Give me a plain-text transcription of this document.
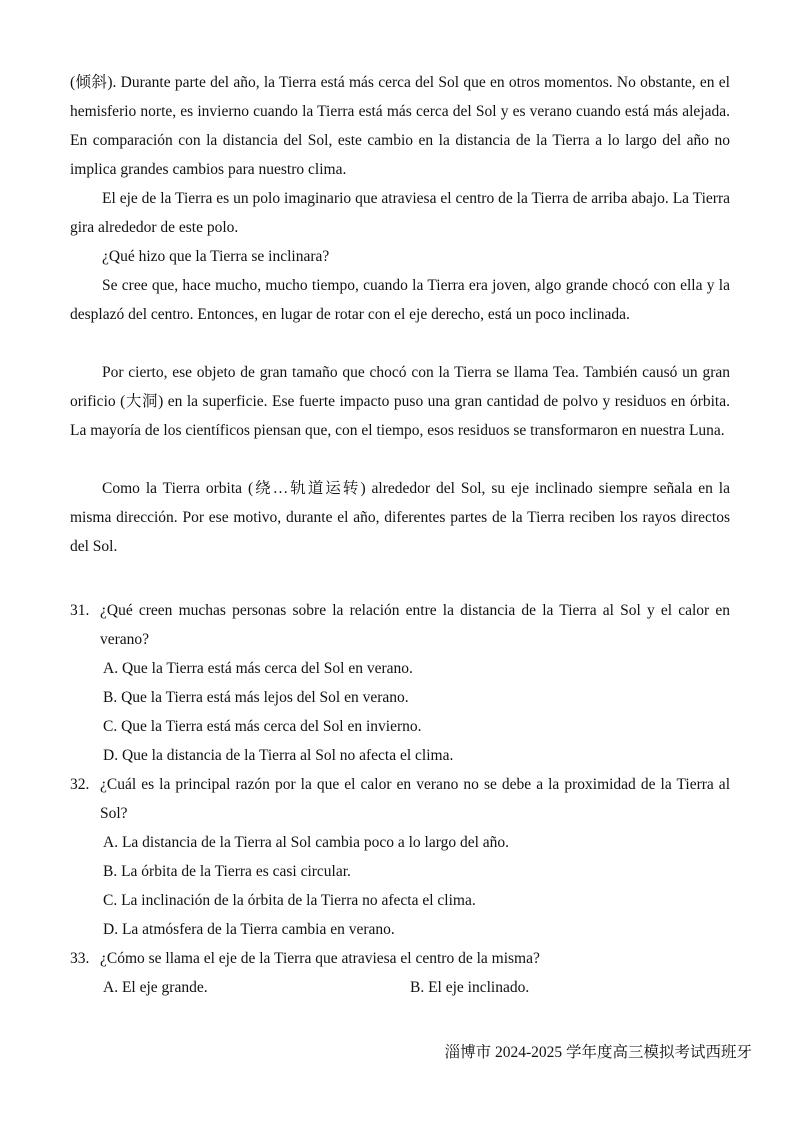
(倾斜). Durante parte del año, la Tierra está más cerca del Sol que en otros momentos. No obstante, en el hemisferio norte, es invierno cuando la Tierra está más cerca del Sol y es verano cuando está más alejada. En comparación con la distancia del Sol, este cambio en la distancia de la Tierra a lo largo del año no implica grandes cambios para nuestro clima.

El eje de la Tierra es un polo imaginario que atraviesa el centro de la Tierra de arriba abajo. La Tierra gira alrededor de este polo.

¿Qué hizo que la Tierra se inclinara?

Se cree que, hace mucho, mucho tiempo, cuando la Tierra era joven, algo grande chocó con ella y la desplazó del centro. Entonces, en lugar de rotar con el eje derecho, está un poco inclinada.

Por cierto, ese objeto de gran tamaño que chocó con la Tierra se llama Tea. También causó un gran orificio (大洞) en la superficie. Ese fuerte impacto puso una gran cantidad de polvo y residuos en órbita. La mayoría de los científicos piensan que, con el tiempo, esos residuos se transformaron en nuestra Luna.

Como la Tierra orbita (绕…轨道运转) alrededor del Sol, su eje inclinado siempre señala en la misma dirección. Por ese motivo, durante el año, diferentes partes de la Tierra reciben los rayos directos del Sol.

31. ¿Qué creen muchas personas sobre la relación entre la distancia de la Tierra al Sol y el calor en verano?
A. Que la Tierra está más cerca del Sol en verano.
B. Que la Tierra está más lejos del Sol en verano.
C. Que la Tierra está más cerca del Sol en invierno.
D. Que la distancia de la Tierra al Sol no afecta el clima.
32. ¿Cuál es la principal razón por la que el calor en verano no se debe a la proximidad de la Tierra al Sol?
A. La distancia de la Tierra al Sol cambia poco a lo largo del año.
B. La órbita de la Tierra es casi circular.
C. La inclinación de la órbita de la Tierra no afecta el clima.
D. La atmósfera de la Tierra cambia en verano.
33. ¿Cómo se llama el eje de la Tierra que atraviesa el centro de la misma?
A. El eje grande.	B. El eje inclinado.
淄博市 2024-2025 学年度高三模拟考试西班牙
